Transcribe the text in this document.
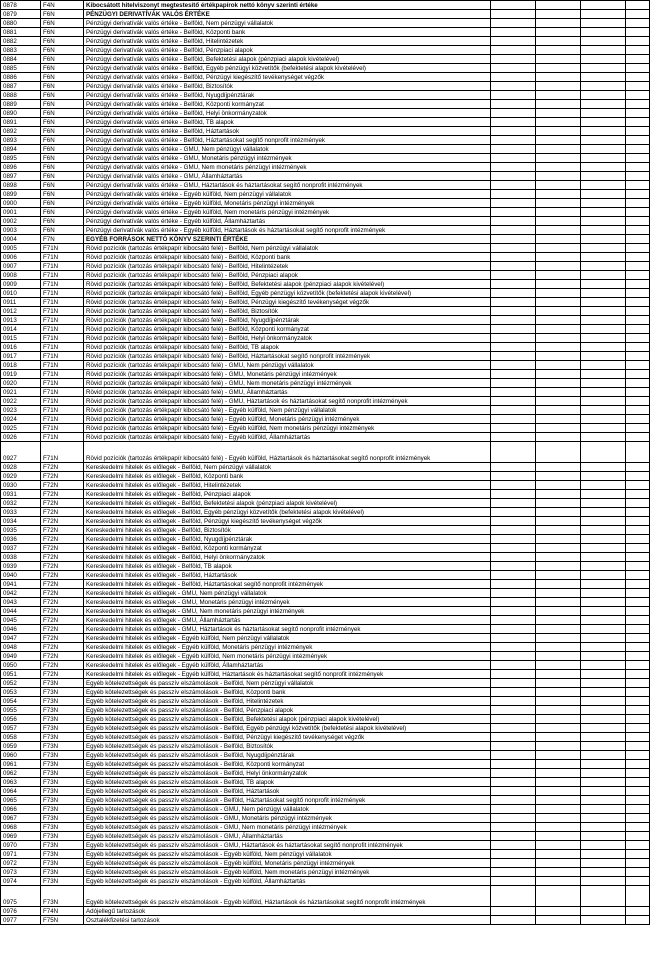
0878	F4N	Kibocsátott hitelviszonyt megtestesítő értékpapírok nettó könyv szerinti értéke				
0879	F6N	PÉNZÜGYI DERIVATÍVÁK VALÓS ÉRTÉKE				
0880	F6N	Pénzügyi derivatívák valós értéke - Belföld, Nem pénzügyi vállalatok				
0881	F6N	Pénzügyi derivatívák valós értéke - Belföld, Központi bank				
0882	F6N	Pénzügyi derivatívák valós értéke - Belföld, Hitelintézetek				
0883	F6N	Pénzügyi derivatívák valós értéke - Belföld, Pénzpiaci alapok				
0884	F6N	Pénzügyi derivatívák valós értéke - Belföld, Befektetési alapok (pénzpiaci alapok kivételével)				
0885	F6N	Pénzügyi derivatívák valós értéke - Belföld, Egyéb pénzügyi közvetítők (befektetési alapok kivételével)				
0886	F6N	Pénzügyi derivatívák valós értéke - Belföld, Pénzügyi kiegészítő tevékenységet végzők				
0887	F6N	Pénzügyi derivatívák valós értéke - Belföld, Biztosítók				
0888	F6N	Pénzügyi derivatívák valós értéke - Belföld, Nyugdíjpénztárak				
0889	F6N	Pénzügyi derivatívák valós értéke - Belföld, Központi kormányzat				
0890	F6N	Pénzügyi derivatívák valós értéke - Belföld, Helyi önkormányzatok				
0891	F6N	Pénzügyi derivatívák valós értéke - Belföld, TB alapok				
0892	F6N	Pénzügyi derivatívák valós értéke - Belföld, Háztartások				
0893	F6N	Pénzügyi derivatívák valós értéke - Belföld, Háztartásokat segítő nonprofit intézmények				
0894	F6N	Pénzügyi derivatívák valós értéke - GMU, Nem pénzügyi vállalatok				
0895	F6N	Pénzügyi derivatívák valós értéke - GMU, Monetáris pénzügyi intézmények				
0896	F6N	Pénzügyi derivatívák valós értéke - GMU, Nem monetáris pénzügyi intézmények				
0897	F6N	Pénzügyi derivatívák valós értéke - GMU, Államháztartás				
0898	F6N	Pénzügyi derivatívák valós értéke - GMU, Háztartások és háztartásokat segítő nonprofit intézmények				
0899	F6N	Pénzügyi derivatívák valós értéke - Egyéb külföld, Nem pénzügyi vállalatok				
0900	F6N	Pénzügyi derivatívák valós értéke - Egyéb külföld, Monetáris pénzügyi intézmények				
0901	F6N	Pénzügyi derivatívák valós értéke - Egyéb külföld, Nem monetáris pénzügyi intézmények				
0902	F6N	Pénzügyi derivatívák valós értéke - Egyéb külföld, Államháztartás				
0903	F6N	Pénzügyi derivatívák valós értéke - Egyéb külföld, Háztartások és háztartásokat segítő nonprofit intézmények				
0904	F7N	EGYÉB FORRÁSOK NETTÓ KÖNYV SZERINTI ÉRTÉKE				
0905	F71N	Rövid pozíciók (tartozás értékpapír kibocsátó felé) - Belföld, Nem pénzügyi vállalatok				
0906	F71N	Rövid pozíciók (tartozás értékpapír kibocsátó felé) - Belföld, Központi bank				
0907	F71N	Rövid pozíciók (tartozás értékpapír kibocsátó felé) - Belföld, Hitelintézetek				
0908	F71N	Rövid pozíciók (tartozás értékpapír kibocsátó felé) - Belföld, Pénzpiaci alapok				
0909	F71N	Rövid pozíciók (tartozás értékpapír kibocsátó felé) - Belföld, Befektetési alapok (pénzpiaci alapok kivételével)				
0910	F71N	Rövid pozíciók (tartozás értékpapír kibocsátó felé) - Belföld, Egyéb pénzügyi közvetítők (befektetési alapok kivételével)				
0911	F71N	Rövid pozíciók (tartozás értékpapír kibocsátó felé) - Belföld, Pénzügyi kiegészítő tevékenységet végzők				
0912	F71N	Rövid pozíciók (tartozás értékpapír kibocsátó felé) - Belföld, Biztosítók				
0913	F71N	Rövid pozíciók (tartozás értékpapír kibocsátó felé) - Belföld, Nyugdíjpénztárak				
0914	F71N	Rövid pozíciók (tartozás értékpapír kibocsátó felé) - Belföld, Központi kormányzat				
0915	F71N	Rövid pozíciók (tartozás értékpapír kibocsátó felé) - Belföld, Helyi önkormányzatok				
0916	F71N	Rövid pozíciók (tartozás értékpapír kibocsátó felé) - Belföld, TB alapok				
0917	F71N	Rövid pozíciók (tartozás értékpapír kibocsátó felé) - Belföld, Háztartásokat segítő nonprofit intézmények				
0918	F71N	Rövid pozíciók (tartozás értékpapír kibocsátó felé) - GMU, Nem pénzügyi vállalatok				
0919	F71N	Rövid pozíciók (tartozás értékpapír kibocsátó felé) - GMU, Monetáris pénzügyi intézmények				
0920	F71N	Rövid pozíciók (tartozás értékpapír kibocsátó felé) - GMU, Nem monetáris pénzügyi intézmények				
0921	F71N	Rövid pozíciók (tartozás értékpapír kibocsátó felé) - GMU, Államháztartás				
0922	F71N	Rövid pozíciók (tartozás értékpapír kibocsátó felé) - GMU, Háztartások és háztartásokat segítő nonprofit intézmények				
0923	F71N	Rövid pozíciók (tartozás értékpapír kibocsátó felé) - Egyéb külföld, Nem pénzügyi vállalatok				
0924	F71N	Rövid pozíciók (tartozás értékpapír kibocsátó felé) - Egyéb külföld, Monetáris pénzügyi intézmények				
0925	F71N	Rövid pozíciók (tartozás értékpapír kibocsátó felé) - Egyéb külföld, Nem monetáris pénzügyi intézmények				
0926	F71N	Rövid pozíciók (tartozás értékpapír kibocsátó felé) - Egyéb külföld, Államháztartás				
0927	F71N	Rövid pozíciók (tartozás értékpapír kibocsátó felé) - Egyéb külföld, Háztartások és háztartásokat segítő nonprofit intézmények				
0928	F72N	Kereskedelmi hitelek és előlegek - Belföld, Nem pénzügyi vállalatok				
0929	F72N	Kereskedelmi hitelek és előlegek - Belföld, Központi bank				
0930	F72N	Kereskedelmi hitelek és előlegek - Belföld, Hitelintézetek				
0931	F72N	Kereskedelmi hitelek és előlegek - Belföld, Pénzpiaci alapok				
0932	F72N	Kereskedelmi hitelek és előlegek - Belföld, Befektetési alapok (pénzpiaci alapok kivételével)				
0933	F72N	Kereskedelmi hitelek és előlegek - Belföld, Egyéb pénzügyi közvetítők (befektetési alapok kivételével)				
0934	F72N	Kereskedelmi hitelek és előlegek - Belföld, Pénzügyi kiegészítő tevékenységet végzők				
0935	F72N	Kereskedelmi hitelek és előlegek - Belföld, Biztosítók				
0936	F72N	Kereskedelmi hitelek és előlegek - Belföld, Nyugdíjpénztárak				
0937	F72N	Kereskedelmi hitelek és előlegek - Belföld, Központi kormányzat				
0938	F72N	Kereskedelmi hitelek és előlegek - Belföld, Helyi önkormányzatok				
0939	F72N	Kereskedelmi hitelek és előlegek - Belföld, TB alapok				
0940	F72N	Kereskedelmi hitelek és előlegek - Belföld, Háztartások				
0941	F72N	Kereskedelmi hitelek és előlegek - Belföld, Háztartásokat segítő nonprofit intézmények				
0942	F72N	Kereskedelmi hitelek és előlegek - GMU, Nem pénzügyi vállalatok				
0943	F72N	Kereskedelmi hitelek és előlegek - GMU, Monetáris pénzügyi intézmények				
0944	F72N	Kereskedelmi hitelek és előlegek - GMU, Nem monetáris pénzügyi intézmények				
0945	F72N	Kereskedelmi hitelek és előlegek - GMU, Államháztartás				
0946	F72N	Kereskedelmi hitelek és előlegek - GMU, Háztartások és háztartásokat segítő nonprofit intézmények				
0947	F72N	Kereskedelmi hitelek és előlegek - Egyéb külföld, Nem pénzügyi vállalatok				
0948	F72N	Kereskedelmi hitelek és előlegek - Egyéb külföld, Monetáris pénzügyi intézmények				
0949	F72N	Kereskedelmi hitelek és előlegek - Egyéb külföld, Nem monetáris pénzügyi intézmények				
0950	F72N	Kereskedelmi hitelek és előlegek - Egyéb külföld, Államháztartás				
0951	F72N	Kereskedelmi hitelek és előlegek - Egyéb külföld, Háztartások és háztartásokat segítő nonprofit intézmények				
0952	F73N	Egyéb kötelezettségek és passzív elszámolások - Belföld, Nem pénzügyi vállalatok				
0953	F73N	Egyéb kötelezettségek és passzív elszámolások - Belföld, Központi bank				
0954	F73N	Egyéb kötelezettségek és passzív elszámolások - Belföld, Hitelintézetek				
0955	F73N	Egyéb kötelezettségek és passzív elszámolások - Belföld, Pénzpiaci alapok				
0956	F73N	Egyéb kötelezettségek és passzív elszámolások - Belföld, Befektetési alapok (pénzpiaci alapok kivételével)				
0957	F73N	Egyéb kötelezettségek és passzív elszámolások - Belföld, Egyéb pénzügyi közvetítők (befektetési alapok kivételével)				
0958	F73N	Egyéb kötelezettségek és passzív elszámolások - Belföld, Pénzügyi kiegészítő tevékenységet végzők				
0959	F73N	Egyéb kötelezettségek és passzív elszámolások - Belföld, Biztosítók				
0960	F73N	Egyéb kötelezettségek és passzív elszámolások - Belföld, Nyugdíjpénztárak				
0961	F73N	Egyéb kötelezettségek és passzív elszámolások - Belföld, Központi kormányzat				
0962	F73N	Egyéb kötelezettségek és passzív elszámolások - Belföld, Helyi önkormányzatok				
0963	F73N	Egyéb kötelezettségek és passzív elszámolások - Belföld, TB alapok				
0964	F73N	Egyéb kötelezettségek és passzív elszámolások - Belföld, Háztartások				
0965	F73N	Egyéb kötelezettségek és passzív elszámolások - Belföld, Háztartásokat segítő nonprofit intézmények				
0966	F73N	Egyéb kötelezettségek és passzív elszámolások - GMU, Nem pénzügyi vállalatok				
0967	F73N	Egyéb kötelezettségek és passzív elszámolások - GMU, Monetáris pénzügyi intézmények				
0968	F73N	Egyéb kötelezettségek és passzív elszámolások - GMU, Nem monetáris pénzügyi intézmények				
0969	F73N	Egyéb kötelezettségek és passzív elszámolások - GMU, Államháztartás				
0970	F73N	Egyéb kötelezettségek és passzív elszámolások - GMU, Háztartások és háztartásokat segítő nonprofit intézmények				
0971	F73N	Egyéb kötelezettségek és passzív elszámolások - Egyéb külföld, Nem pénzügyi vállalatok				
0972	F73N	Egyéb kötelezettségek és passzív elszámolások - Egyéb külföld, Monetáris pénzügyi intézmények				
0973	F73N	Egyéb kötelezettségek és passzív elszámolások - Egyéb külföld, Nem monetáris pénzügyi intézmények				
0974	F73N	Egyéb kötelezettségek és passzív elszámolások - Egyéb külföld, Államháztartás				
0975	F73N	Egyéb kötelezettségek és passzív elszámolások - Egyéb külföld, Háztartások és háztartásokat segítő nonprofit intézmények				
0976	F74N	Adójellegű tartozások				
0977	F75N	Osztalékfizetési tartozások				
